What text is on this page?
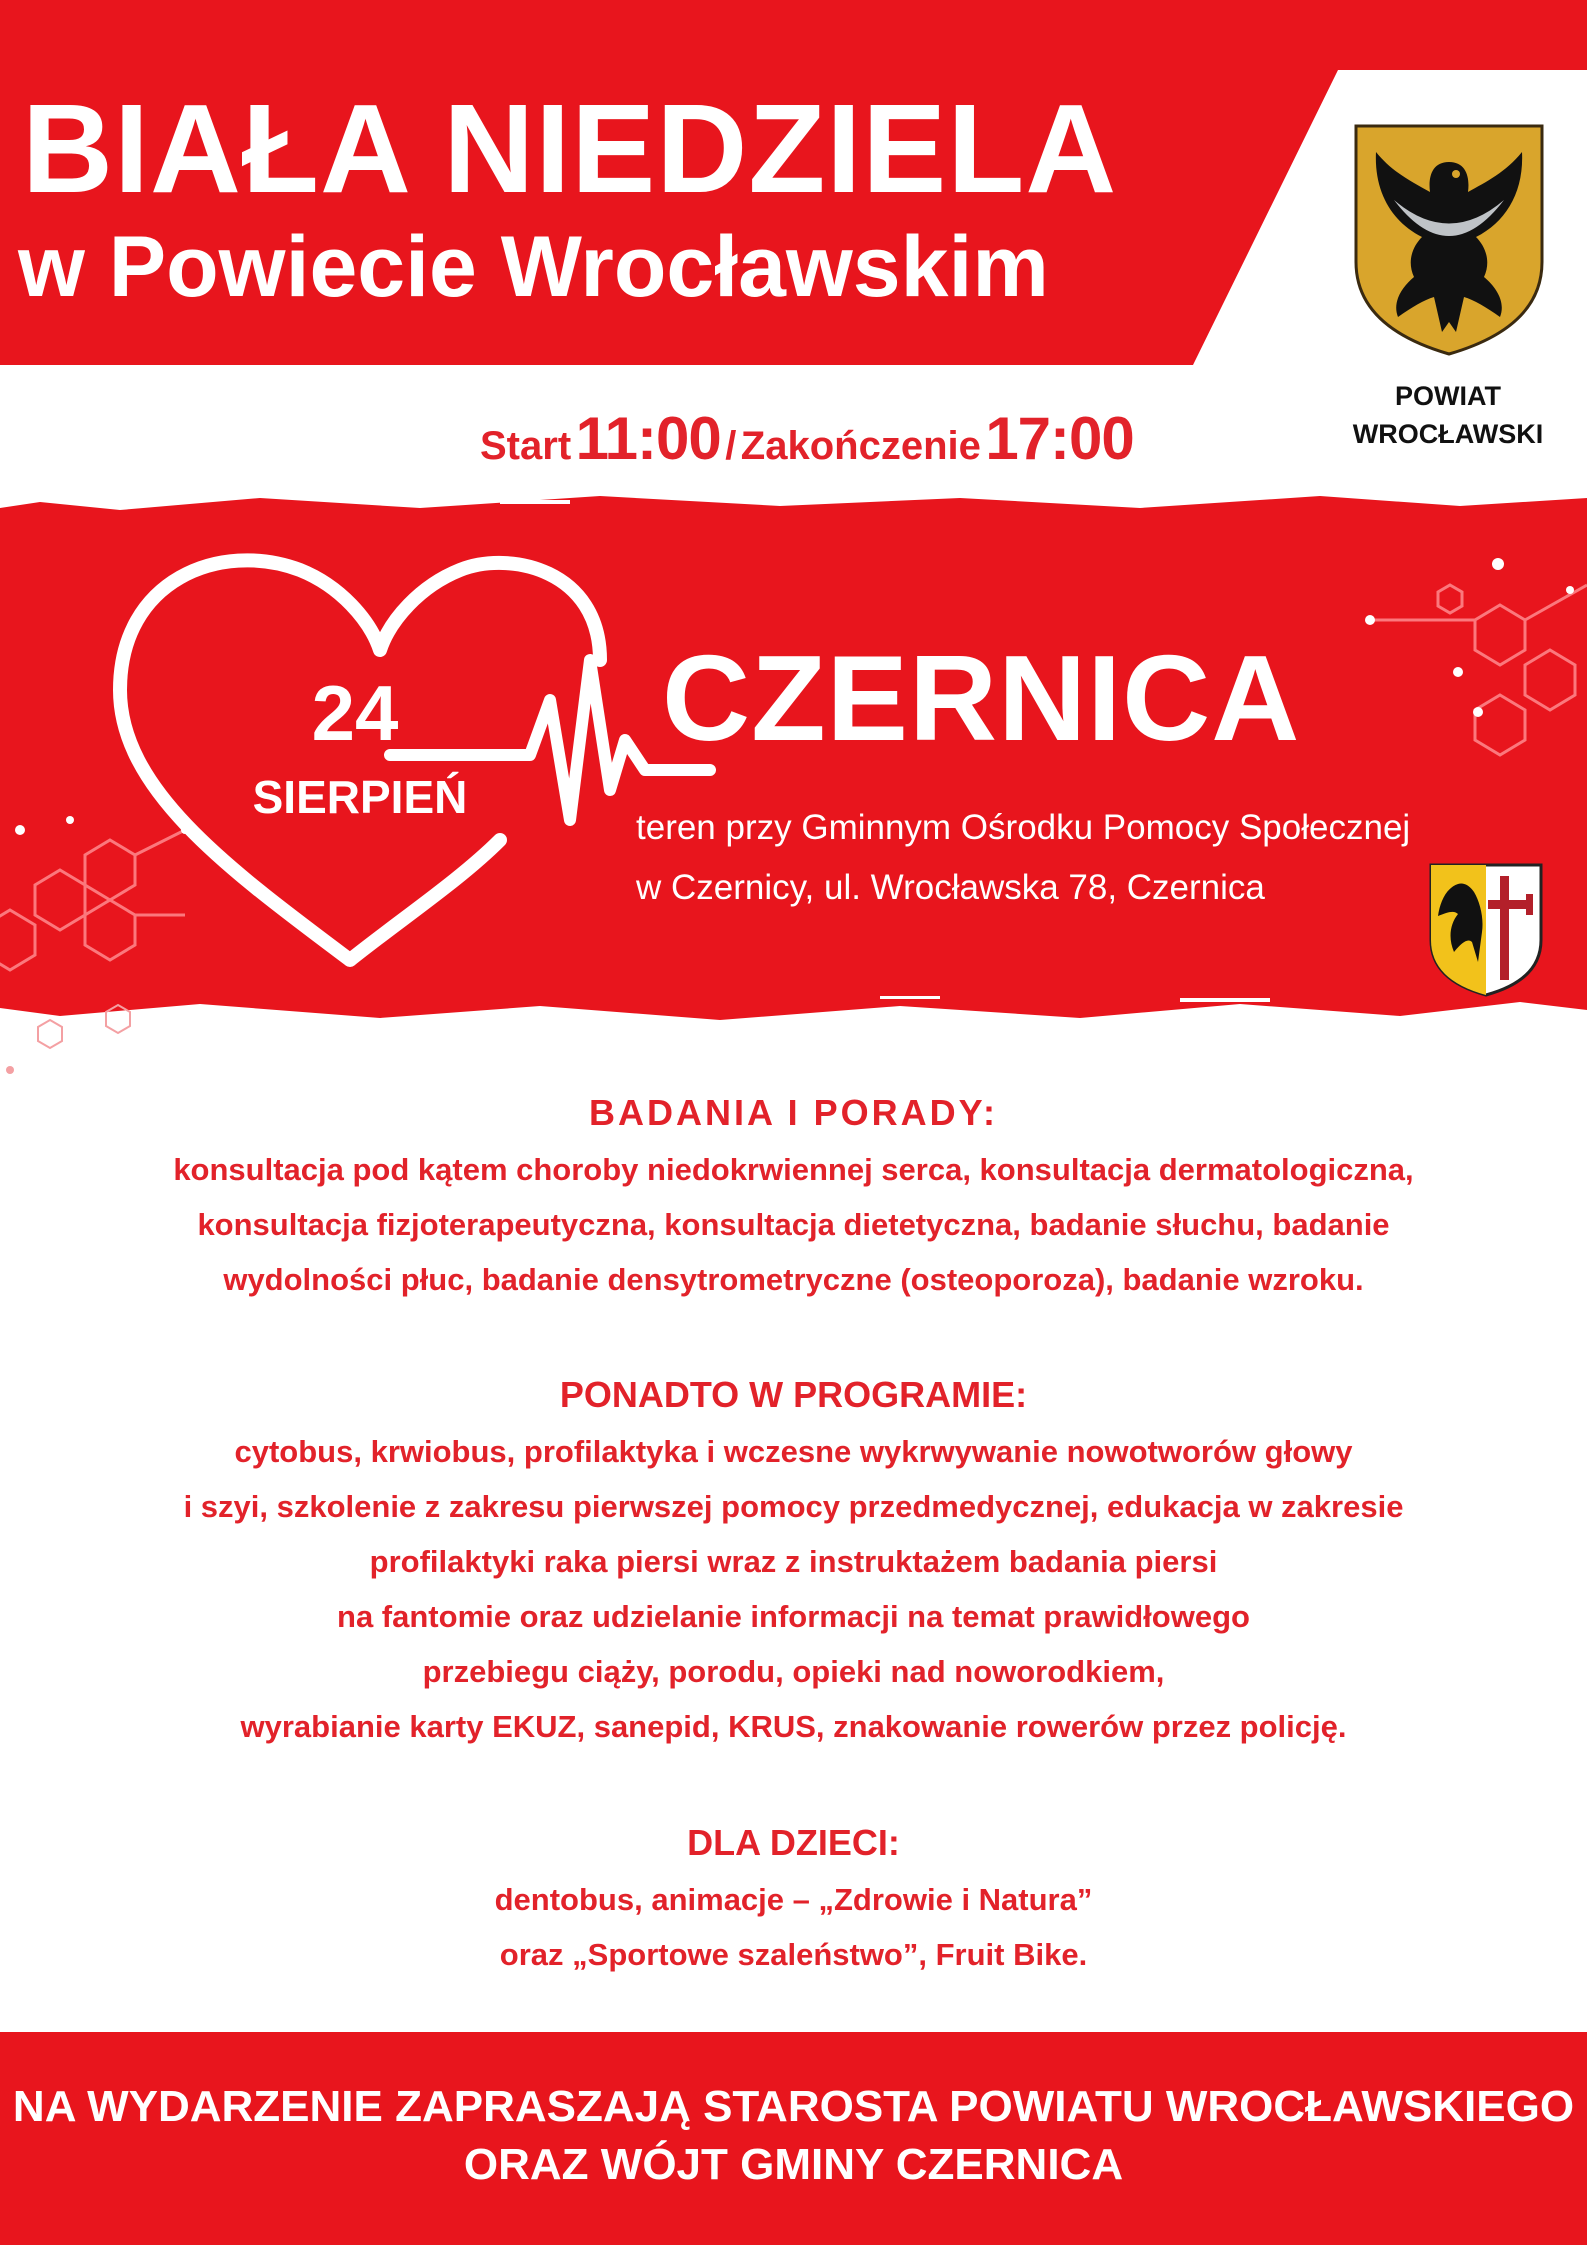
BIAŁA NIEDZIELA
w Powiecie Wrocławskim
POWIAT
WROCŁAWSKI
Start 11:00 / Zakończenie 17:00
24
SIERPIEŃ
CZERNICA
teren przy Gminnym Ośrodku Pomocy Społecznej
w Czernicy, ul. Wrocławska 78, Czernica
BADANIA I PORADY:

konsultacja pod kątem choroby niedokrwiennej serca, konsultacja dermatologiczna,

konsultacja fizjoterapeutyczna, konsultacja dietetyczna, badanie słuchu, badanie

wydolności płuc, badanie densytrometryczne (osteoporoza), badanie wzroku.

PONADTO W PROGRAMIE:

cytobus, krwiobus, profilaktyka i wczesne wykrwywanie nowotworów głowy

i szyi, szkolenie z zakresu pierwszej pomocy przedmedycznej, edukacja w zakresie

profilaktyki raka piersi wraz z instruktażem badania piersi

na fantomie oraz udzielanie informacji na temat prawidłowego

przebiegu ciąży, porodu, opieki nad noworodkiem,

wyrabianie karty EKUZ, sanepid, KRUS, znakowanie rowerów przez policję.

DLA DZIECI:

dentobus, animacje – „Zdrowie i Natura”

oraz „Sportowe szaleństwo”, Fruit Bike.

NA WYDARZENIE ZAPRASZAJĄ STAROSTA POWIATU WROCŁAWSKIEGO
ORAZ WÓJT GMINY CZERNICA
